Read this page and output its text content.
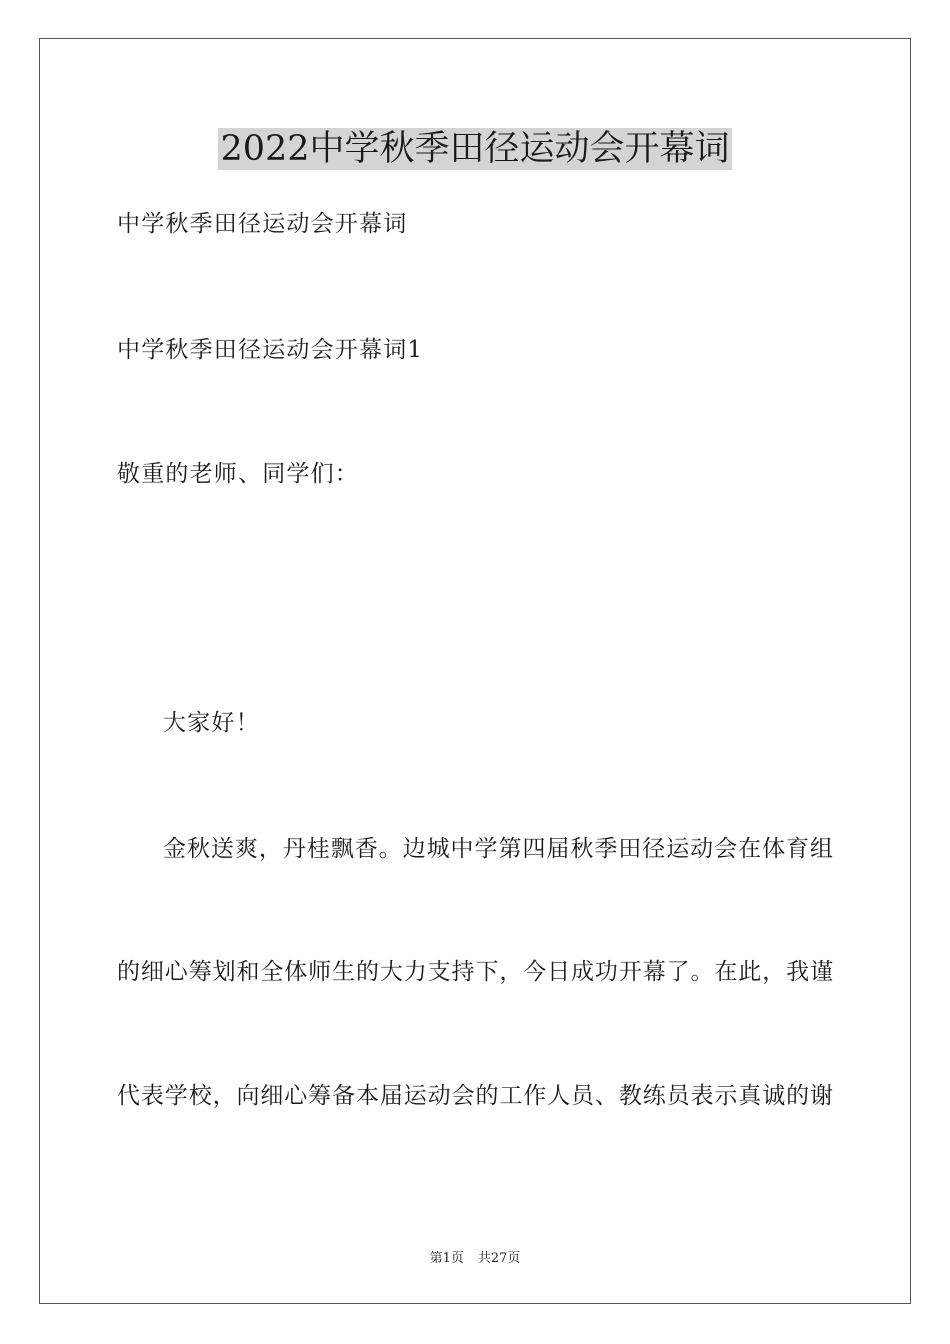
2022中学秋季田径运动会开幕词
中学秋季田径运动会开幕词
中学秋季田径运动会开幕词1
敬重的老师、同学们：
大家好！
金秋送爽，丹桂飘香。边城中学第四届秋季田径运动会在体育组
的细心筹划和全体师生的大力支持下，今日成功开幕了。在此，我谨
代表学校，向细心筹备本届运动会的工作人员、教练员表示真诚的谢
第1页 共27页
